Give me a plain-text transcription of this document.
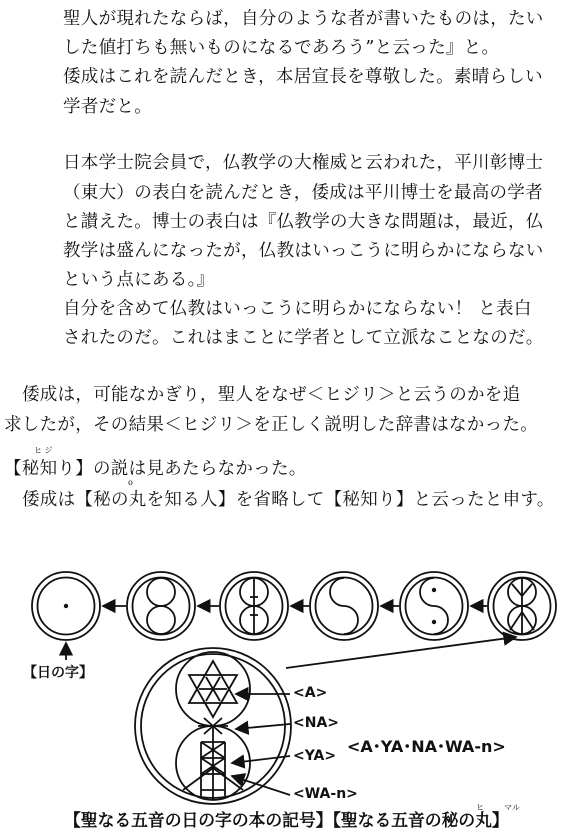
聖人が現れたならば，自分のような者が書いたものは，たい
した値打ちも無いものになるであろう”と云った』と。
倭成はこれを読んだとき，本居宣長を尊敬した。素晴らしい
学者だと。
日本学士院会員で，仏教学の大権威と云われた，平川彰博士
（東大）の表白を読んだとき，倭成は平川博士を最高の学者
と讃えた。博士の表白は『仏教学の大きな問題は，最近，仏
教学は盛んになったが，仏教はいっこうに明らかにならない
という点にある。』
自分を含めて仏教はいっこうに明らかにならない！ と表白
されたのだ。これはまことに学者として立派なことなのだ。
倭成は，可能なかぎり，聖人をなぜ＜ヒジリ＞と云うのかを追
求したが，その結果＜ヒジリ＞を正しく説明した辞書はなかった。
ヒ ジ
【秘知り】の説は見あたらなかった。
o
倭成は【秘の丸を知る人】を省略して【秘知り】と云ったと申す。
【日の字】
<A>
<NA>
<YA>
<WA-n>
<A･YA･NA･WA-n>
ヒ	マル
【聖なる五音の日の字の本の記号】【聖なる五音の秘の丸】
